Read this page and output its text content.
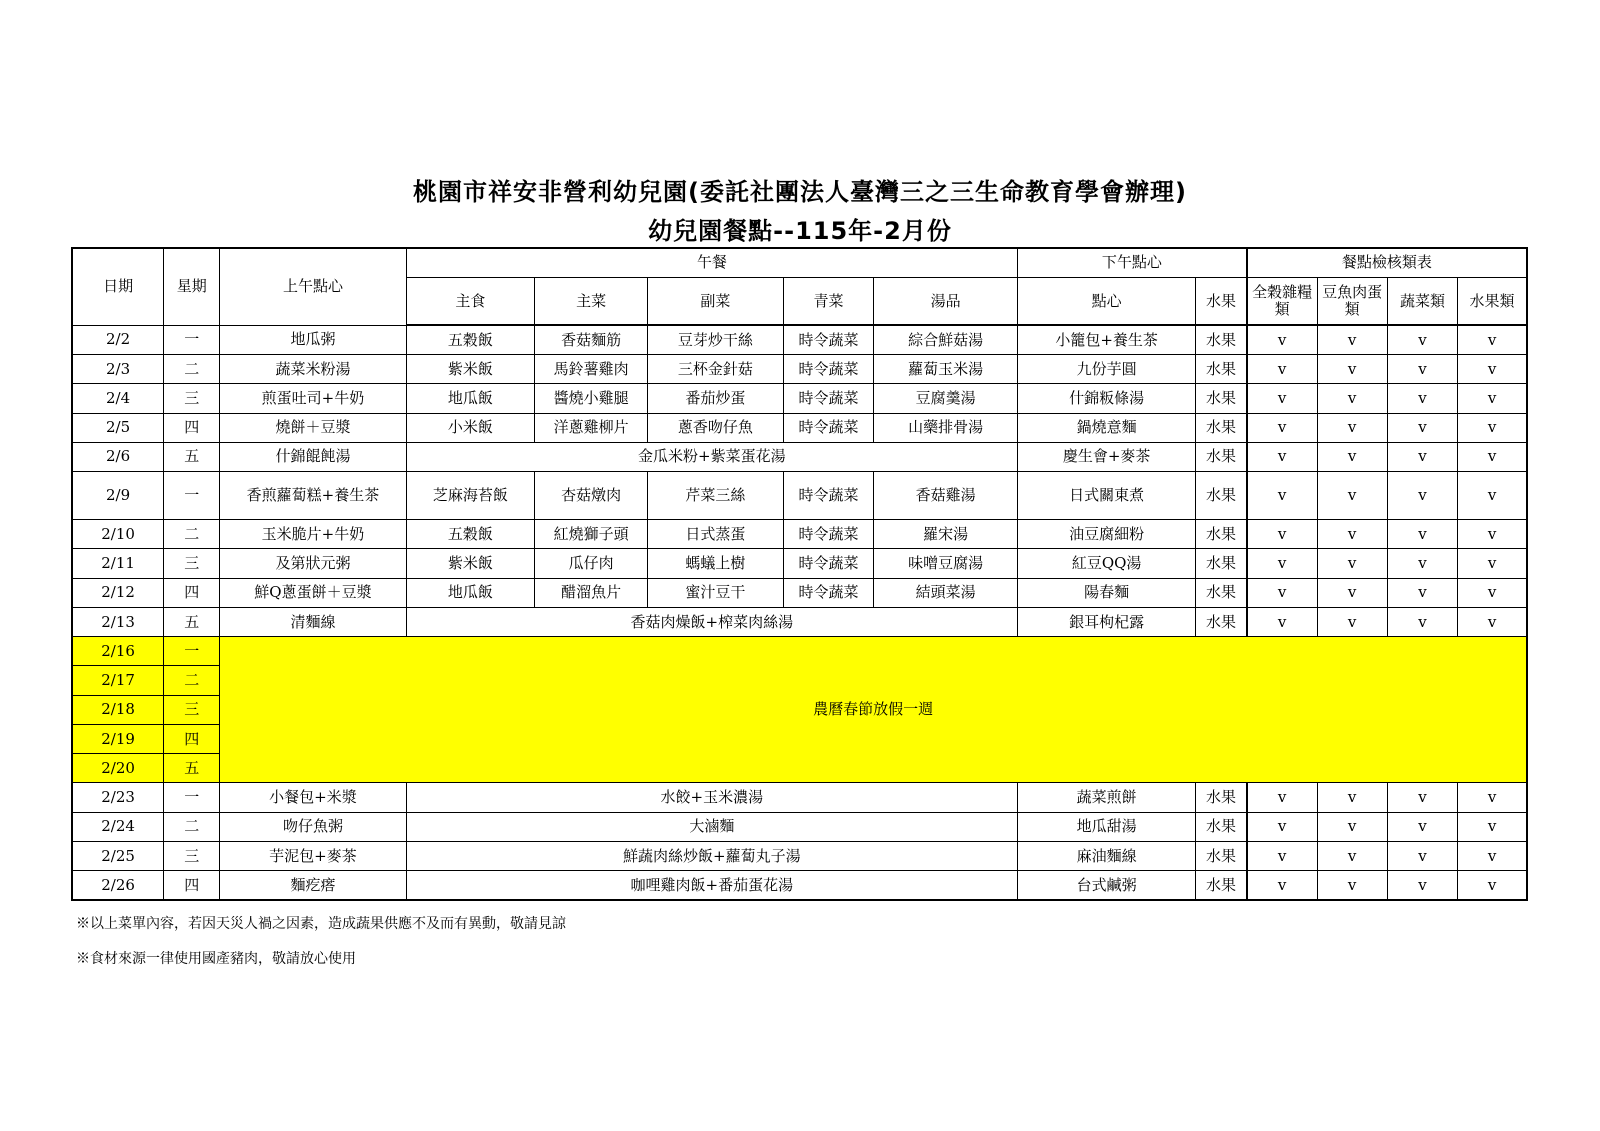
桃園市祥安非營利幼兒園(委託社團法人臺灣三之三生命教育學會辦理)
幼兒園餐點--115年-2月份
日期	星期	上午點心	午餐					下午點心		餐點檢核類表			
			主食	主菜	副菜	青菜	湯品	點心	水果	全穀雜糧類	豆魚肉蛋類	蔬菜類	水果類
2/2	一	地瓜粥	五穀飯	香菇麵筋	豆芽炒干絲	時令蔬菜	綜合鮮菇湯	小籠包+養生茶	水果	v	v	v	v
2/3	二	蔬菜米粉湯	紫米飯	馬鈴薯雞肉	三杯金針菇	時令蔬菜	蘿蔔玉米湯	九份芋圓	水果	v	v	v	v
2/4	三	煎蛋吐司+牛奶	地瓜飯	醬燒小雞腿	番茄炒蛋	時令蔬菜	豆腐羹湯	什錦粄條湯	水果	v	v	v	v
2/5	四	燒餅＋豆漿	小米飯	洋蔥雞柳片	蔥香吻仔魚	時令蔬菜	山藥排骨湯	鍋燒意麵	水果	v	v	v	v
2/6	五	什錦餛飩湯	金瓜米粉+紫菜蛋花湯					慶生會+麥茶	水果	v	v	v	v
2/9	一	香煎蘿蔔糕+養生茶	芝麻海苔飯	杏菇燉肉	芹菜三絲	時令蔬菜	香菇雞湯	日式關東煮	水果	v	v	v	v
2/10	二	玉米脆片+牛奶	五穀飯	紅燒獅子頭	日式蒸蛋	時令蔬菜	羅宋湯	油豆腐細粉	水果	v	v	v	v
2/11	三	及第狀元粥	紫米飯	瓜仔肉	螞蟻上樹	時令蔬菜	味噌豆腐湯	紅豆QQ湯	水果	v	v	v	v
2/12	四	鮮Q蔥蛋餅＋豆漿	地瓜飯	醋溜魚片	蜜汁豆干	時令蔬菜	結頭菜湯	陽春麵	水果	v	v	v	v
2/13	五	清麵線	香菇肉燥飯+榨菜肉絲湯					銀耳枸杞露	水果	v	v	v	v
2/16	一	農曆春節放假一週											
2/17	二												
2/18	三												
2/19	四												
2/20	五												
2/23	一	小餐包+米漿	水餃+玉米濃湯					蔬菜煎餅	水果	v	v	v	v
2/24	二	吻仔魚粥	大滷麵					地瓜甜湯	水果	v	v	v	v
2/25	三	芋泥包+麥茶	鮮蔬肉絲炒飯+蘿蔔丸子湯					麻油麵線	水果	v	v	v	v
2/26	四	麵疙瘩	咖哩雞肉飯+番茄蛋花湯					台式鹹粥	水果	v	v	v	v
※以上菜單內容，若因天災人禍之因素，造成蔬果供應不及而有異動，敬請見諒
※食材來源一律使用國產豬肉，敬請放心使用
